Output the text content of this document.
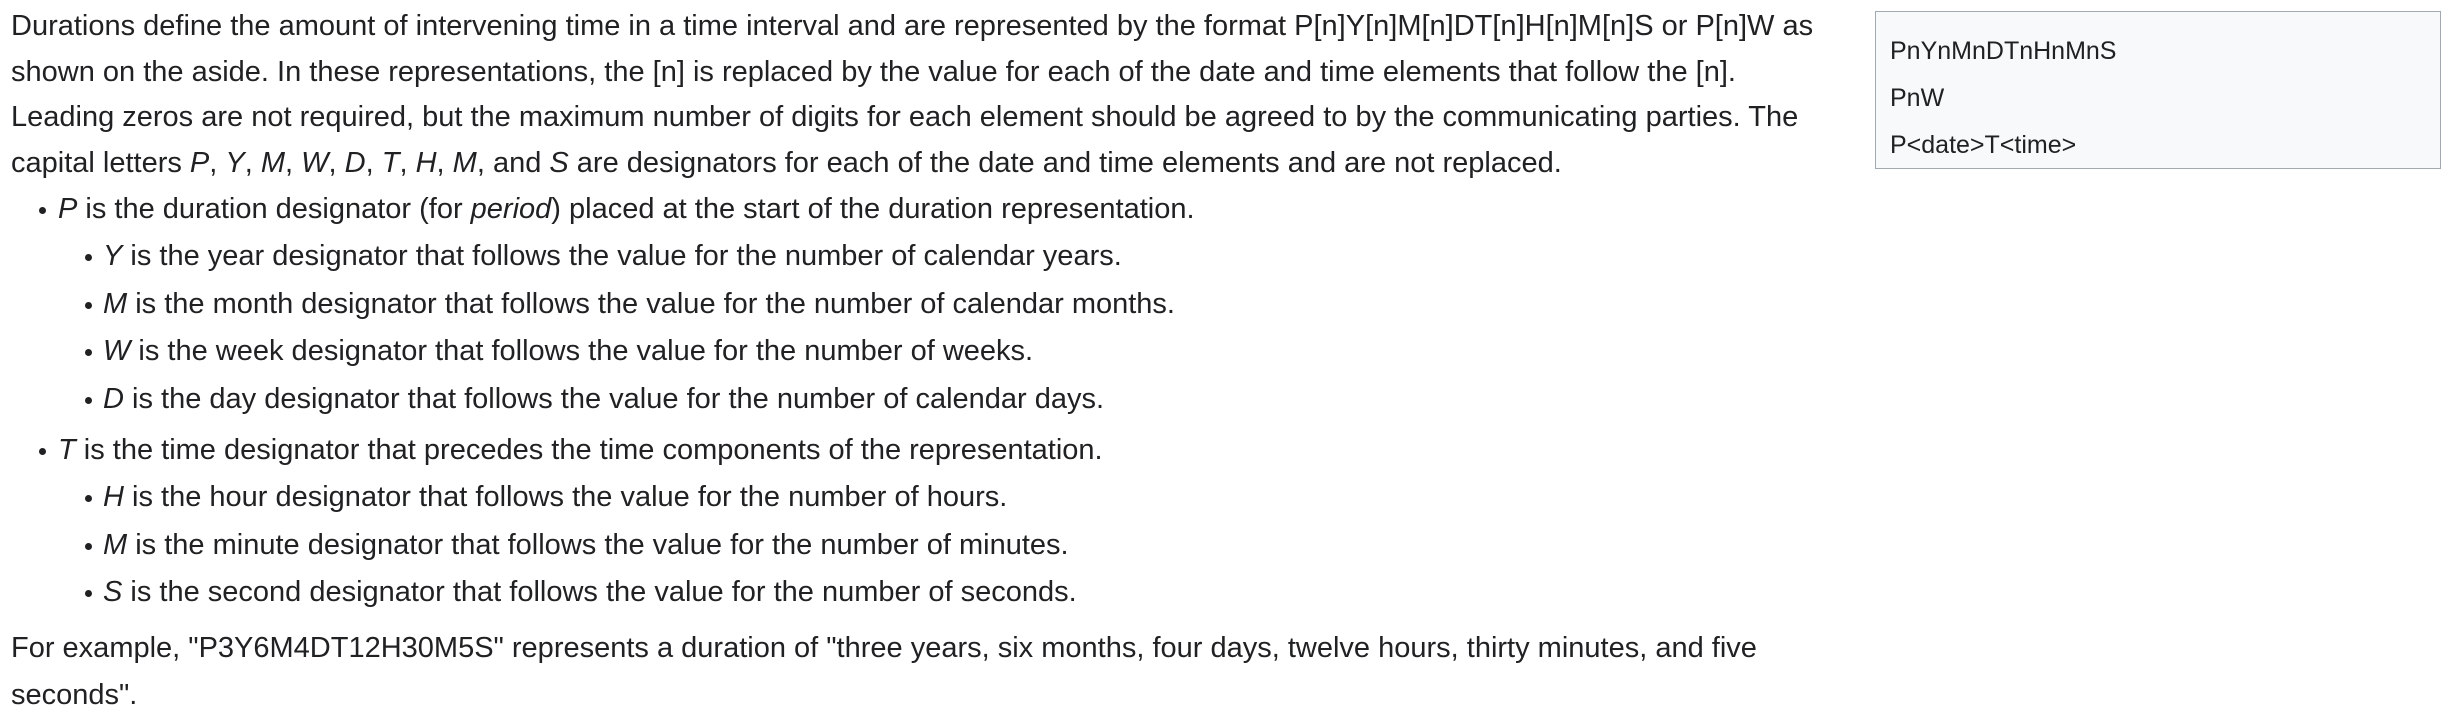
Durations define the amount of intervening time in a time interval and are represented by the format P[n]Y[n]M[n]DT[n]H[n]M[n]S or P[n]W as shown on the aside. In these representations, the [n] is replaced by the value for each of the date and time elements that follow the [n]. Leading zeros are not required, but the maximum number of digits for each element should be agreed to by the communicating parties. The capital letters P, Y, M, W, D, T, H, M, and S are designators for each of the date and time elements and are not replaced.

P is the duration designator (for period) placed at the start of the duration representation.
Y is the year designator that follows the value for the number of calendar years.
M is the month designator that follows the value for the number of calendar months.
W is the week designator that follows the value for the number of weeks.
D is the day designator that follows the value for the number of calendar days.
T is the time designator that precedes the time components of the representation.
H is the hour designator that follows the value for the number of hours.
M is the minute designator that follows the value for the number of minutes.
S is the second designator that follows the value for the number of seconds.

For example, "P3Y6M4DT12H30M5S" represents a duration of "three years, six months, four days, twelve hours, thirty minutes, and five seconds".

PnYnMnDTnHnMnS
PnW
P<date>T<time>
